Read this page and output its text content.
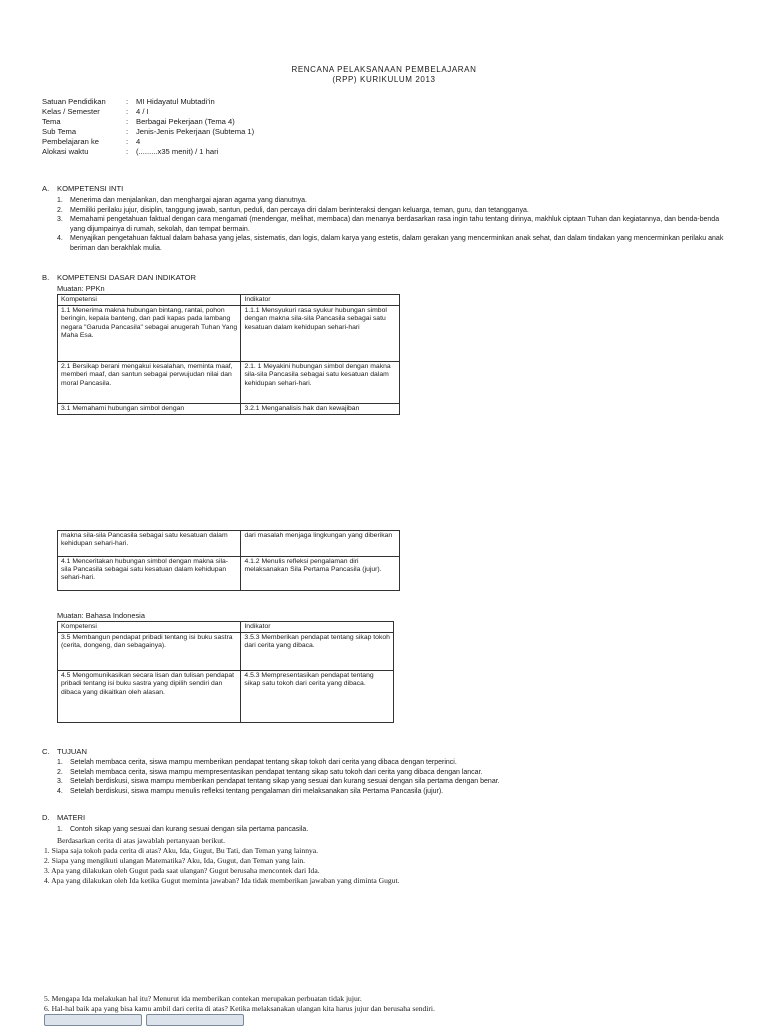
RENCANA PELAKSANAAN PEMBELAJARAN
(RPP) KURIKULUM 2013
Satuan Pendidikan	:	MI Hidayatul Mubtadi'in
Kelas / Semester	:	4 / I
Tema	:	Berbagai Pekerjaan (Tema 4)
Sub Tema	:	Jenis-Jenis Pekerjaan (Subtema 1)
Pembelajaran ke	:	4
Alokasi waktu	:	(.........x35 menit) / 1 hari
A.	KOMPETENSI INTI
1.	Menerima dan menjalankan, dan menghargai ajaran agama yang dianutnya.
2.	Memiliki perilaku jujur, disiplin, tanggung jawab, santun, peduli, dan percaya diri dalam berinteraksi dengan keluarga, teman, guru, dan tetangganya.
3.	Memahami pengetahuan faktual dengan cara mengamati (mendengar, melihat, membaca) dan menanya berdasarkan rasa ingin tahu tentang dirinya, makhluk ciptaan Tuhan dan kegiatannya, dan benda-benda yang dijumpainya di rumah, sekolah, dan tempat bermain.
4.	Menyajikan pengetahuan faktual dalam bahasa yang jelas, sistematis, dan logis, dalam karya yang estetis, dalam gerakan yang mencerminkan anak sehat, dan dalam tindakan yang mencerminkan perilaku anak beriman dan berakhlak mulia.
B.	KOMPETENSI DASAR DAN INDIKATOR
Muatan: PPKn
Kompetensi	Indikator
1.1 Menerima makna hubungan bintang, rantai, pohon beringin, kepala banteng, dan padi kapas pada lambang negara "Garuda Pancasila" sebagai anugerah Tuhan Yang Maha Esa.	1.1.1 Mensyukuri rasa syukur hubungan simbol dengan makna sila-sila Pancasila sebagai satu kesatuan dalam kehidupan sehari-hari
2.1 Bersikap berani mengakui kesalahan, meminta maaf, memberi maaf, dan santun sebagai perwujudan nilai dan moral Pancasila.	2.1. 1 Meyakini hubungan simbol dengan makna sila-sila Pancasila sebagai satu kesatuan dalam kehidupan sehari-hari.
3.1 Memahami hubungan simbol dengan	3.2.1 Menganalisis hak dan kewajiban
makna sila-sila Pancasila sebagai satu kesatuan dalam kehidupan sehari-hari.	dari masalah menjaga lingkungan yang diberikan
4.1 Menceritakan hubungan simbol dengan makna sila-sila Pancasila sebagai satu kesatuan dalam kehidupan sehari-hari.	4.1.2 Menulis refleksi pengalaman diri melaksanakan Sila Pertama Pancasila (jujur).
Muatan: Bahasa Indonesia
Kompetensi	Indikator
3.5 Membangun pendapat pribadi tentang isi buku sastra (cerita, dongeng, dan sebagainya).	3.5.3 Memberikan pendapat tentang sikap tokoh dari cerita yang dibaca.
4.5 Mengomunikasikan secara lisan dan tulisan pendapat pribadi tentang isi buku sastra yang dipilih sendiri dan dibaca yang dikaitkan oleh alasan.	4.5.3 Mempresentasikan pendapat tentang sikap satu tokoh dari cerita yang dibaca.
C. TUJUAN
1.	Setelah membaca cerita, siswa mampu memberikan pendapat tentang sikap tokoh dari cerita yang dibaca dengan terperinci.
2.	Setelah membaca cerita, siswa mampu mempresentasikan pendapat tentang sikap satu tokoh dari cerita yang dibaca dengan lancar.
3.	Setelah berdiskusi, siswa mampu memberikan pendapat tentang sikap yang sesuai dan kurang sesuai dengan sila pertama dengan benar.
4.	Setelah berdiskusi, siswa mampu menulis refleksi tentang pengalaman diri melaksanakan sila Pertama Pancasila (jujur).
D. MATERI
1.	Contoh sikap yang sesuai dan kurang sesuai dengan sila pertama pancasila.
Berdasarkan cerita di atas jawablah pertanyaan berikut.
1. Siapa saja tokoh pada cerita di atas? Aku, Ida, Gugut, Bu Tati, dan Teman yang lainnya.
2. Siapa yang mengikuti ulangan Matematika? Aku, Ida, Gugut, dan Teman yang lain.
3. Apa yang dilakukan oleh Gugut pada saat ulangan? Gugut berusaha mencontek dari Ida.
4. Apa yang dilakukan oleh Ida ketika Gugut meminta jawaban? Ida tidak memberikan jawaban yang diminta Gugut.
5. Mengapa Ida melakukan hal itu? Menurut ida memberikan contekan merupakan perbuatan tidak jujur.
6. Hal-hal baik apa yang bisa kamu ambil dari cerita di atas? Ketika melaksanakan ulangan kita harus jujur dan berusaha sendiri.
